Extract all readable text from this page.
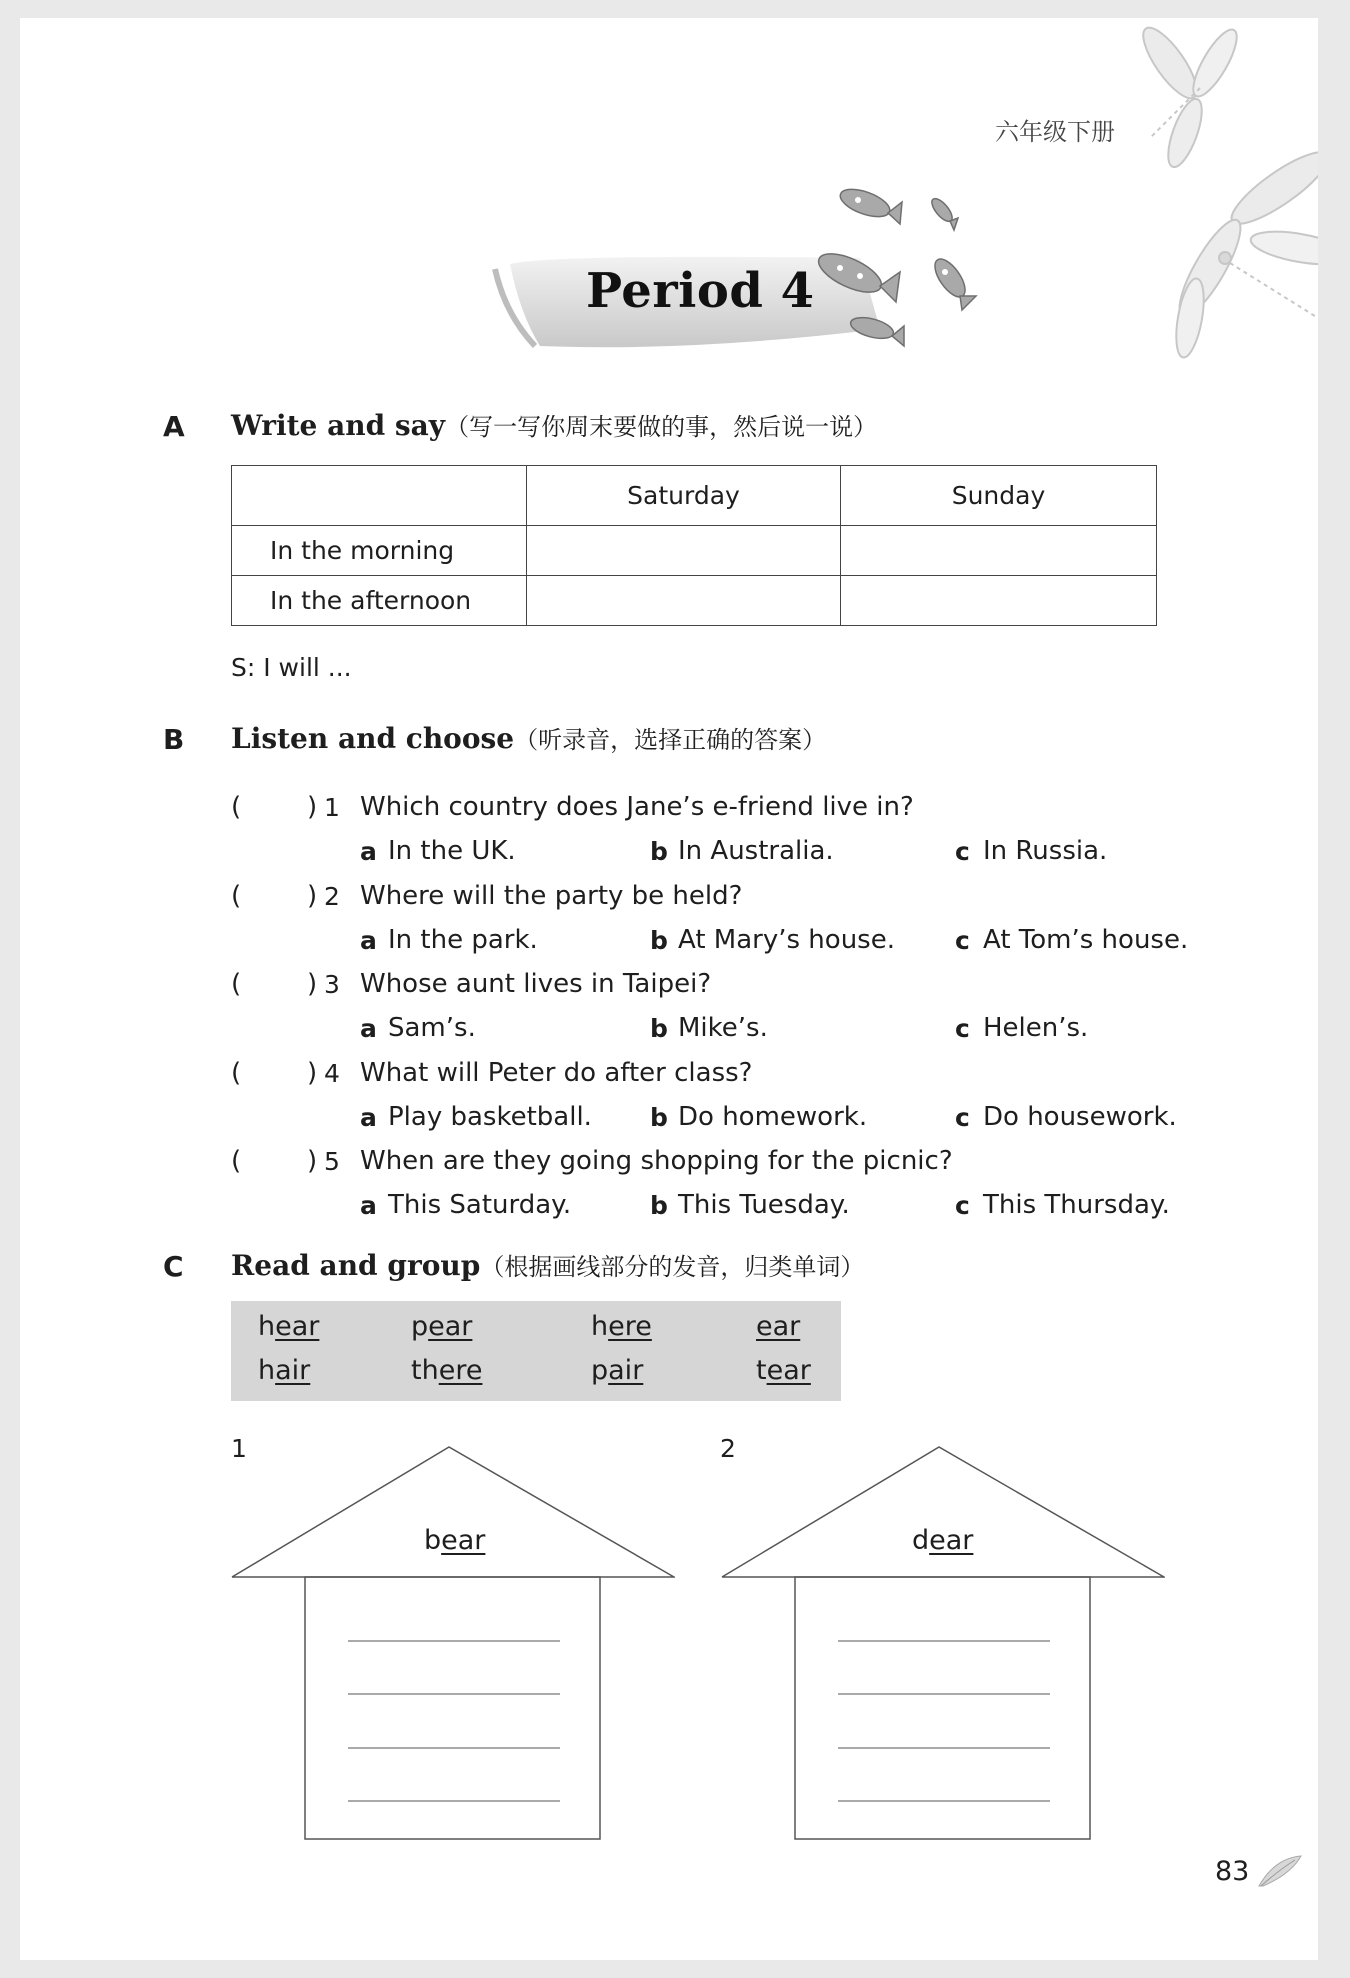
六年级下册
Period 4
A Write and say（写一写你周末要做的事，然后说一说）
	Saturday	Sunday
In the morning		
In the afternoon		
S: I will ...
B Listen and choose（听录音，选择正确的答案）
(	) 1 Which country does Jane’s e-friend live in?
a In the UK.	b In Australia.	c In Russia.
(	) 2 Where will the party be held?
a In the park.	b At Mary’s house. c At Tom’s house.
(	) 3 Whose aunt lives in Taipei?
a Sam’s.	b Mike’s.	c Helen’s.
(	) 4 What will Peter do after class?
a Play basketball. b Do homework.	c Do housework.
(	) 5 When are they going shopping for the picnic?
a This Saturday.	b This Tuesday.	c This Thursday.
C Read and group（根据画线部分的发音，归类单词）
hear	pear	here	ear
hair	there	pair	tear
1
bear
2
dear
83
